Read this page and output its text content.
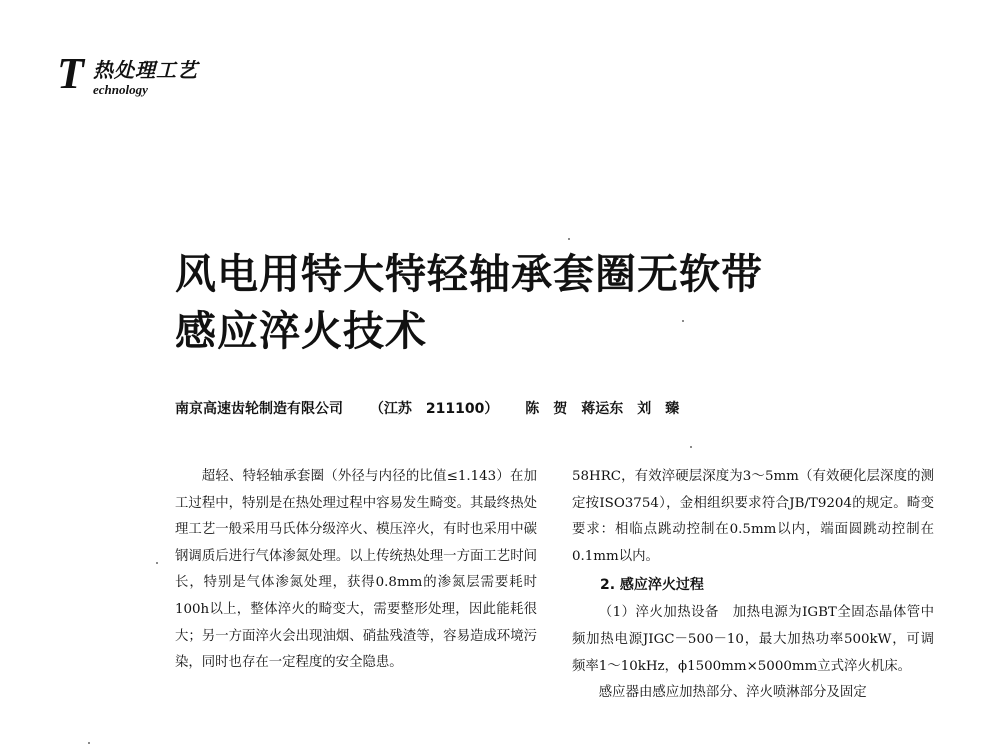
T 热处理工艺
echnology
风电用特大特轻轴承套圈无软带
感应淬火技术
南京高速齿轮制造有限公司 （江苏　211100） 陈　贺　蒋运东　刘　臻

超轻、特轻轴承套圈（外径与内径的比值≤1.143）在加工过程中，特别是在热处理过程中容易发生畸变。其最终热处理工艺一般采用马氏体分级淬火、模压淬火，有时也采用中碳钢调质后进行气体渗氮处理。以上传统热处理一方面工艺时间长，特别是气体渗氮处理，获得0.8mm的渗氮层需要耗时100h以上，整体淬火的畸变大，需要整形处理，因此能耗很大；另一方面淬火会出现油烟、硝盐残渣等，容易造成环境污染，同时也存在一定程度的安全隐患。

58HRC，有效淬硬层深度为3～5mm（有效硬化层深度的测定按ISO3754），金相组织要求符合JB/T9204的规定。畸变要求：相临点跳动控制在0.5mm以内，端面圆跳动控制在0.1mm以内。

2. 感应淬火过程

（1）淬火加热设备　加热电源为IGBT全固态晶体管中频加热电源JIGC－500－10，最大加热功率500kW，可调频率1～10kHz，ϕ1500mm×5000mm立式淬火机床。

感应器由感应加热部分、淬火喷淋部分及固定
